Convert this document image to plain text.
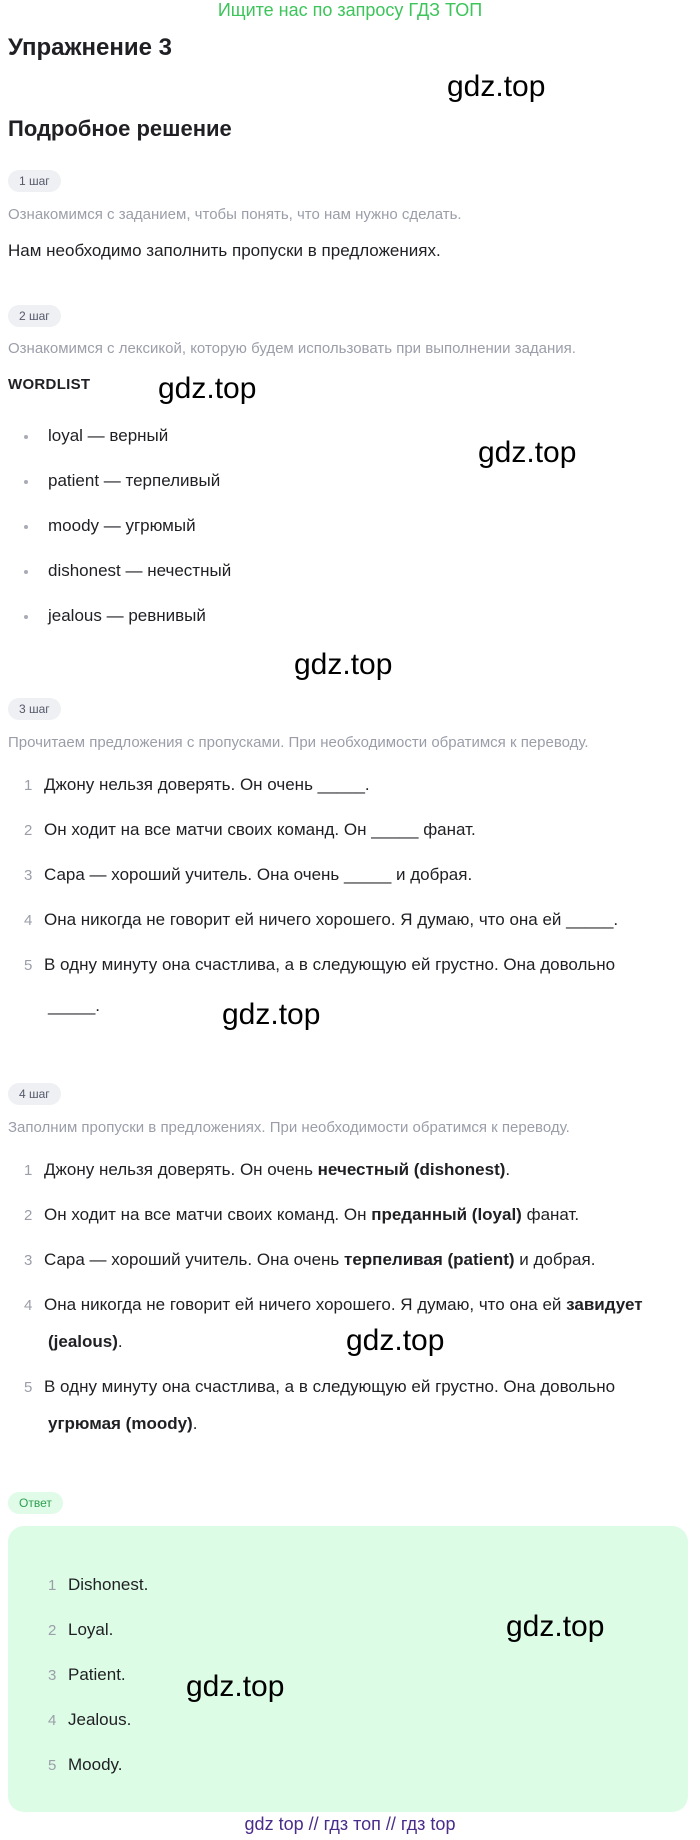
Ищите нас по запросу ГДЗ ТОП
Упражнение 3
gdz.top
Подробное решение
1 шаг
Ознакомимся с заданием, чтобы понять, что нам нужно сделать.
Нам необходимо заполнить пропуски в предложениях.
2 шаг
Ознакомимся с лексикой, которую будем использовать при выполнении задания.
WORDLIST gdz.top
gdz.top
loyal — верный
patient — терпеливый
moody — угрюмый
dishonest — нечестный
jealous — ревнивый
gdz.top
3 шаг
Прочитаем предложения с пропусками. При необходимости обратимся к переводу.
1 Джону нельзя доверять. Он очень _____.
2 Он ходит на все матчи своих команд. Он _____ фанат.
3 Сара — хороший учитель. Она очень _____ и добрая.
4 Она никогда не говорит ей ничего хорошего. Я думаю, что она ей _____.
5 В одну минуту она счастлива, а в следующую ей грустно. Она довольно
_____.	gdz.top
4 шаг
Заполним пропуски в предложениях. При необходимости обратимся к переводу.
1 Джону нельзя доверять. Он очень нечестный (dishonest).
2 Он ходит на все матчи своих команд. Он преданный (loyal) фанат.
3 Сара — хороший учитель. Она очень терпеливая (patient) и добрая.
4 Она никогда не говорит ей ничего хорошего. Я думаю, что она ей завидует
(jealous).	gdz.top
5 В одну минуту она счастлива, а в следующую ей грустно. Она довольно
угрюмая (moody).
Ответ
1 Dishonest.
2 Loyal.
3 Patient.
4 Jealous.
5 Moody.
gdz.top
gdz.top
gdz top // гдз топ // гдз top
